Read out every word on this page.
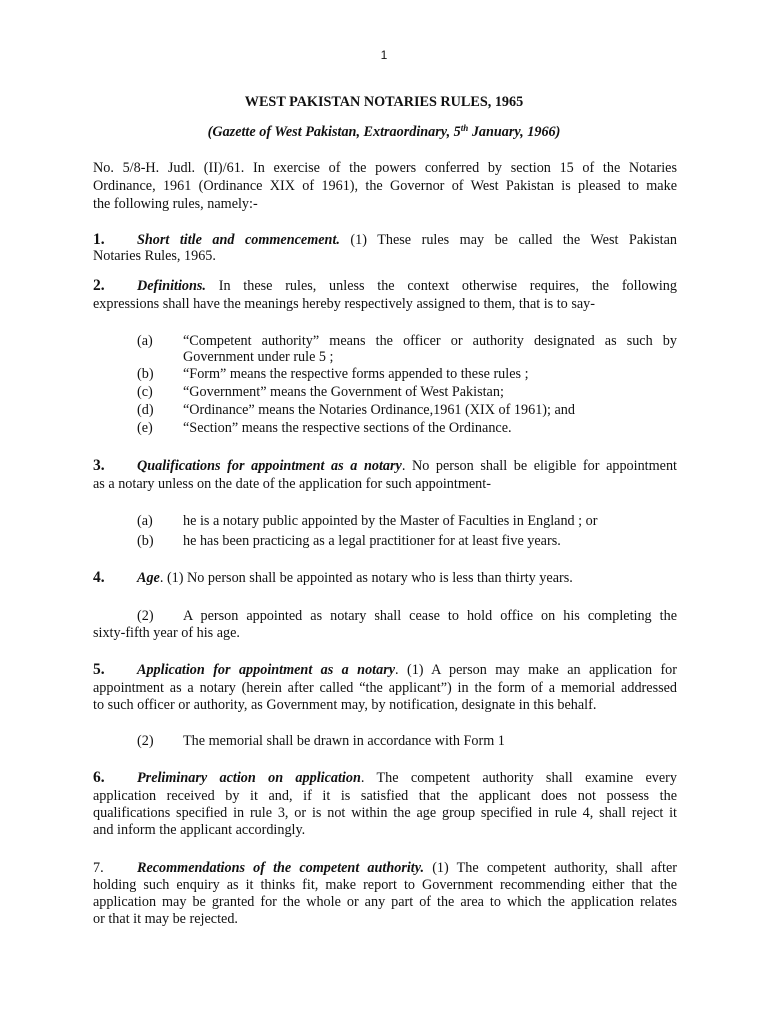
1
WEST PAKISTAN NOTARIES RULES, 1965
(Gazette of West Pakistan, Extraordinary, 5th January, 1966)
No. 5/8-H. Judl. (II)/61. In exercise of the powers conferred by section 15 of the Notaries
Ordinance, 1961 (Ordinance XIX of 1961), the Governor of West Pakistan is pleased to make
the following rules, namely:-
1. Short title and commencement. (1) These rules may be called the West Pakistan
Notaries Rules, 1965.
2. Definitions. In these rules, unless the context otherwise requires, the following
expressions shall have the meanings hereby respectively assigned to them, that is to say-
(a) “Competent authority” means the officer or authority designated as such by
Government under rule 5 ;
(b) “Form” means the respective forms appended to these rules ;
(c) “Government” means the Government of West Pakistan;
(d) “Ordinance” means the Notaries Ordinance,1961 (XIX of 1961); and
(e) “Section” means the respective sections of the Ordinance.
3. Qualifications for appointment as a notary. No person shall be eligible for appointment
as a notary unless on the date of the application for such appointment-
(a) he is a notary public appointed by the Master of Faculties in England ; or
(b) he has been practicing as a legal practitioner for at least five years.
4. Age. (1) No person shall be appointed as notary who is less than thirty years.
(2) A person appointed as notary shall cease to hold office on his completing the
sixty-fifth year of his age.
5. Application for appointment as a notary. (1) A person may make an application for
appointment as a notary (herein after called “the applicant”) in the form of a memorial addressed
to such officer or authority, as Government may, by notification, designate in this behalf.
(2) The memorial shall be drawn in accordance with Form 1
6. Preliminary action on application. The competent authority shall examine every
application received by it and, if it is satisfied that the applicant does not possess the
qualifications specified in rule 3, or is not within the age group specified in rule 4, shall reject it
and inform the applicant accordingly.
7. Recommendations of the competent authority. (1) The competent authority, shall after
holding such enquiry as it thinks fit, make report to Government recommending either that the
application may be granted for the whole or any part of the area to which the application relates
or that it may be rejected.
